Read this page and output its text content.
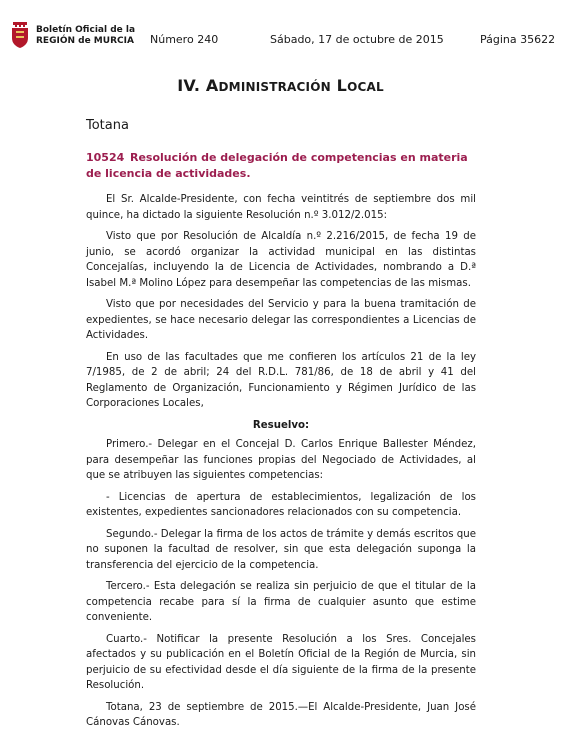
Boletín Oficial de la
REGIÓN de MURCIA Número 240	Sábado, 17 de octubre de 2015	Página 35622
IV. ADMINISTRACIÓN LOCAL
Totana
10524 Resolución de delegación de competencias en materia de licencia de actividades.

El Sr. Alcalde-Presidente, con fecha veintitrés de septiembre dos mil quince, ha dictado la siguiente Resolución n.º 3.012/2.015:

Visto que por Resolución de Alcaldía n.º 2.216/2015, de fecha 19 de junio, se acordó organizar la actividad municipal en las distintas Concejalías, incluyendo la de Licencia de Actividades, nombrando a D.ª Isabel M.ª Molino López para desempeñar las competencias de las mismas.

Visto que por necesidades del Servicio y para la buena tramitación de expedientes, se hace necesario delegar las correspondientes a Licencias de Actividades.

En uso de las facultades que me confieren los artículos 21 de la ley 7/1985, de 2 de abril; 24 del R.D.L. 781/86, de 18 de abril y 41 del Reglamento de Organización, Funcionamiento y Régimen Jurídico de las Corporaciones Locales,

Resuelvo:

Primero.- Delegar en el Concejal D. Carlos Enrique Ballester Méndez, para desempeñar las funciones propias del Negociado de Actividades, al que se atribuyen las siguientes competencias:

- Licencias de apertura de establecimientos, legalización de los existentes, expedientes sancionadores relacionados con su competencia.

Segundo.- Delegar la firma de los actos de trámite y demás escritos que no suponen la facultad de resolver, sin que esta delegación suponga la transferencia del ejercicio de la competencia.

Tercero.- Esta delegación se realiza sin perjuicio de que el titular de la competencia recabe para sí la firma de cualquier asunto que estime conveniente.

Cuarto.- Notificar la presente Resolución a los Sres. Concejales afectados y su publicación en el Boletín Oficial de la Región de Murcia, sin perjuicio de su efectividad desde el día siguiente de la firma de la presente Resolución.

Totana, 23 de septiembre de 2015.—El Alcalde-Presidente, Juan José Cánovas Cánovas.
